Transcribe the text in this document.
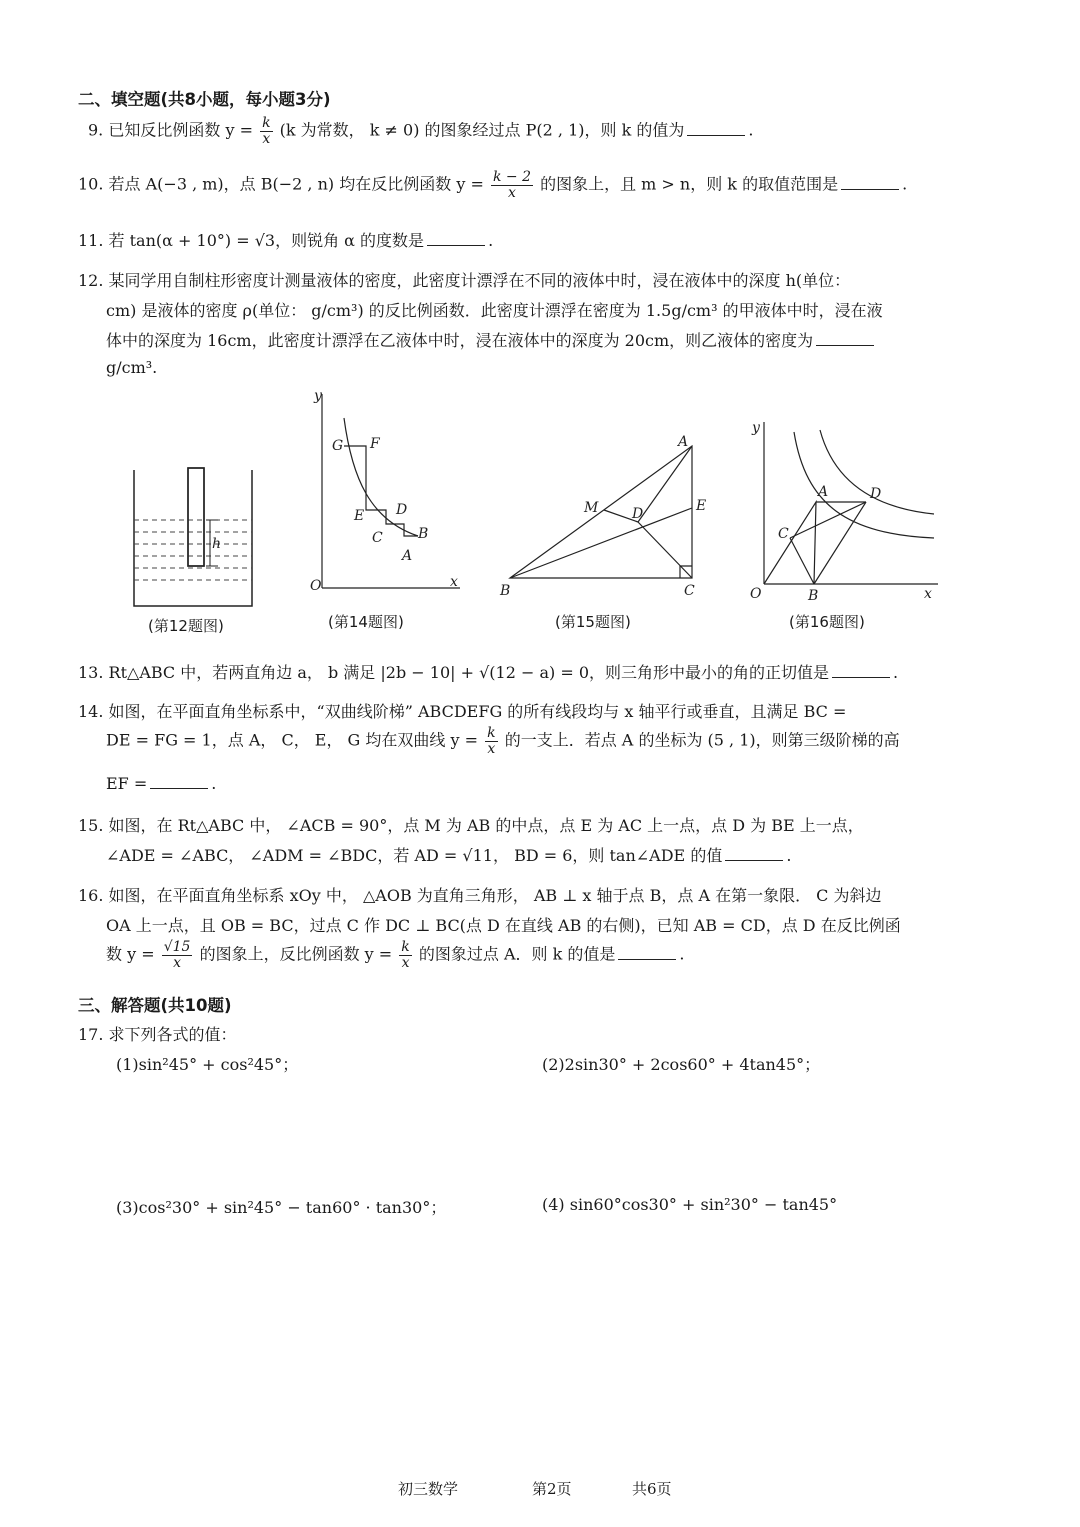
二、填空题(共8小题，每小题3分)
9. 已知反比例函数 $y = \frac{k}{x} (k$ 为常数， k ≠ 0) 的图象经过点 P(2 , 1)，则 k 的值为	.
10. 若点 A(−3 , m)，点 B(−2 , n) 均在反比例函数 $y = \frac{k - 2}{x}$ 的图象上，且 m > n，则 k 的取值范围是	.
11. 若 tan(α + 10°) = √3，则锐角 α 的度数是	.
12. 某同学用自制柱形密度计测量液体的密度，此密度计漂浮在不同的液体中时，浸在液体中的深度 h(单位：
cm) 是液体的密度 ρ(单位： g/cm³) 的反比例函数．此密度计漂浮在密度为 1.5g/cm³ 的甲液体中时，浸在液
体中的深度为 16cm，此密度计漂浮在乙液体中时，浸在液体中的深度为 20cm，则乙液体的密度为
g/cm³.
h
(第12题图)
y
x
O
G F
E D
C	B
A
(第14题图)
A
B	C
M D	E
(第15题图)
y
x
O
A
B
C
D
(第16题图)
13. Rt△ABC 中，若两直角边 a， b 满足 |2b − 10| + √(12 − a) = 0，则三角形中最小的角的正切值是	.
14. 如图，在平面直角坐标系中，“双曲线阶梯” ABCDEFG 的所有线段均与 x 轴平行或垂直，且满足 BC =
DE = FG = 1，点 A， C， E， G 均在双曲线 $y = \frac{k}{x}$ 的一支上．若点 A 的坐标为 (5 , 1)，则第三级阶梯的高
EF =	.
15. 如图，在 Rt△ABC 中， ∠ACB = 90°，点 M 为 AB 的中点，点 E 为 AC 上一点，点 D 为 BE 上一点，
∠ADE = ∠ABC， ∠ADM = ∠BDC，若 AD = √11， BD = 6，则 tan∠ADE 的值	.
16. 如图，在平面直角坐标系 xOy 中， △AOB 为直角三角形， AB ⊥ x 轴于点 B，点 A 在第一象限． C 为斜边
OA 上一点，且 OB = BC，过点 C 作 DC ⊥ BC(点 D 在直线 AB 的右侧)，已知 AB = CD，点 D 在反比例函
数 $y = \frac{√15}{x}$ 的图象上，反比例函数 $y = \frac{k}{x}$ 的图象过点 A．则 k 的值是	.
三、解答题(共10题)
17. 求下列各式的值：
(1)sin²45° + cos²45°；	(2)2sin30° + 2cos60° + 4tan45°；
(3)cos²30° + sin²45° − tan60° · tan30°；	(4) sin60°cos30° + sin²30° − tan45°
初三数学	第2页	共6页
